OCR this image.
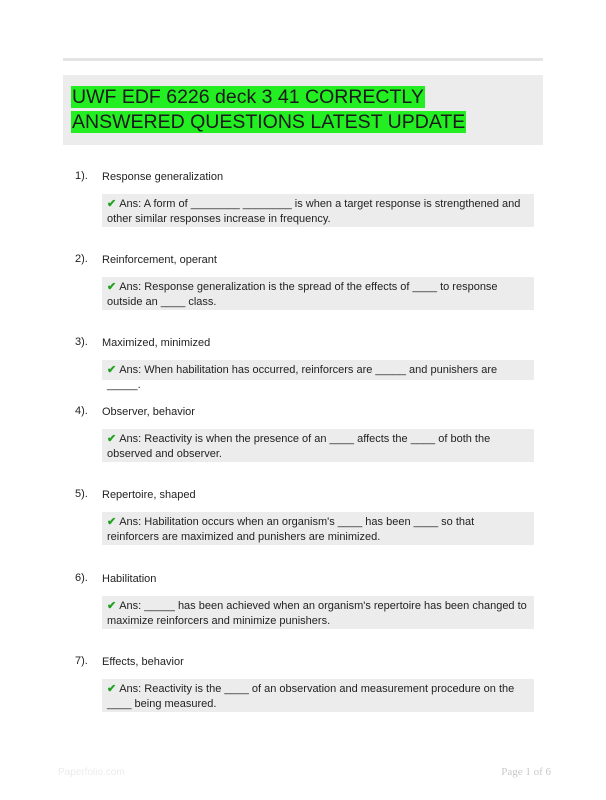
UWF EDF 6226 deck 3 41 CORRECTLY ANSWERED QUESTIONS LATEST UPDATE
1). Response generalization
✔ Ans: A form of ________ ________ is when a target response is strengthened and other similar responses increase in frequency.
2). Reinforcement, operant
✔ Ans: Response generalization is the spread of the effects of ____ to response outside an ____ class.
3). Maximized, minimized
✔ Ans: When habilitation has occurred, reinforcers are _____ and punishers are _____.
4). Observer, behavior
✔ Ans: Reactivity is when the presence of an ____ affects the ____ of both the observed and observer.
5). Repertoire, shaped
✔ Ans: Habilitation occurs when an organism's ____ has been ____ so that reinforcers are maximized and punishers are minimized.
6). Habilitation
✔ Ans: _____ has been achieved when an organism's repertoire has been changed to maximize reinforcers and minimize punishers.
7). Effects, behavior
✔ Ans: Reactivity is the ____ of an observation and measurement procedure on the ____ being measured.
Paperfolio.com	Page 1 of 6
